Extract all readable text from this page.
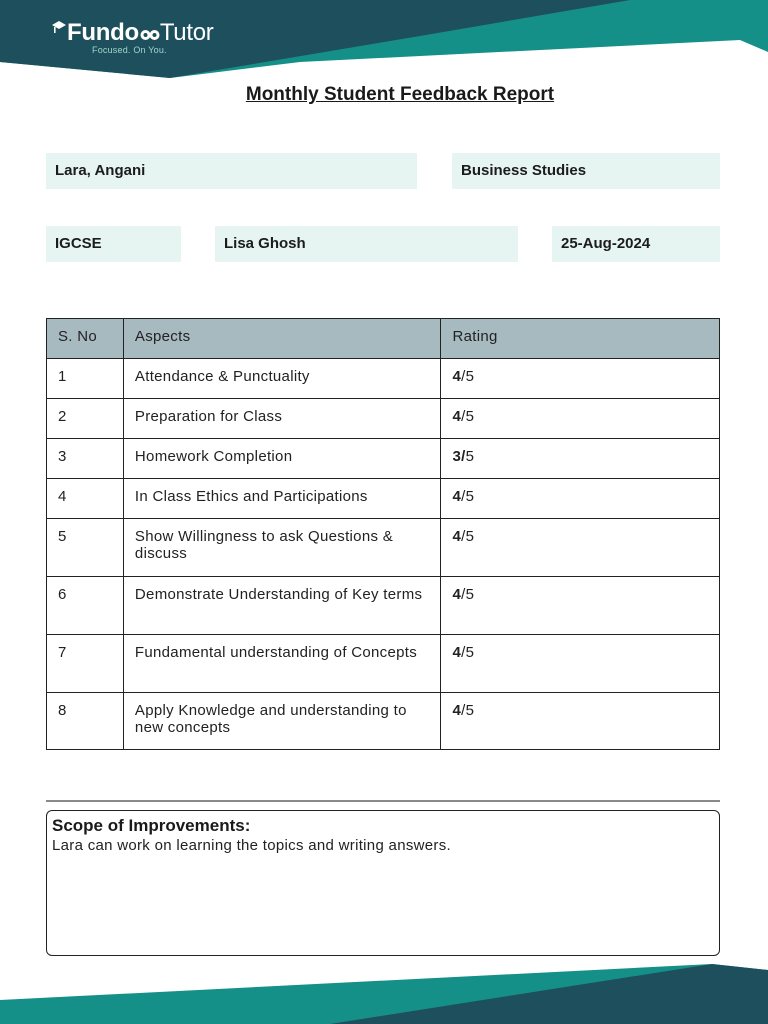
Fundo Tutor
Focused. On You.
Monthly Student Feedback Report
Lara, Angani	Business Studies
IGCSE	Lisa Ghosh	25-Aug-2024
S. No	Aspects	Rating
1	Attendance & Punctuality	4/5
2	Preparation for Class	4/5
3	Homework Completion	3/5
4	In Class Ethics and Participations	4/5
5	Show Willingness to ask Questions & discuss	4/5
6	Demonstrate Understanding of Key terms	4/5
7	Fundamental understanding of Concepts	4/5
8	Apply Knowledge and understanding to new concepts	4/5
Scope of Improvements:
Lara can work on learning the topics and writing answers.
